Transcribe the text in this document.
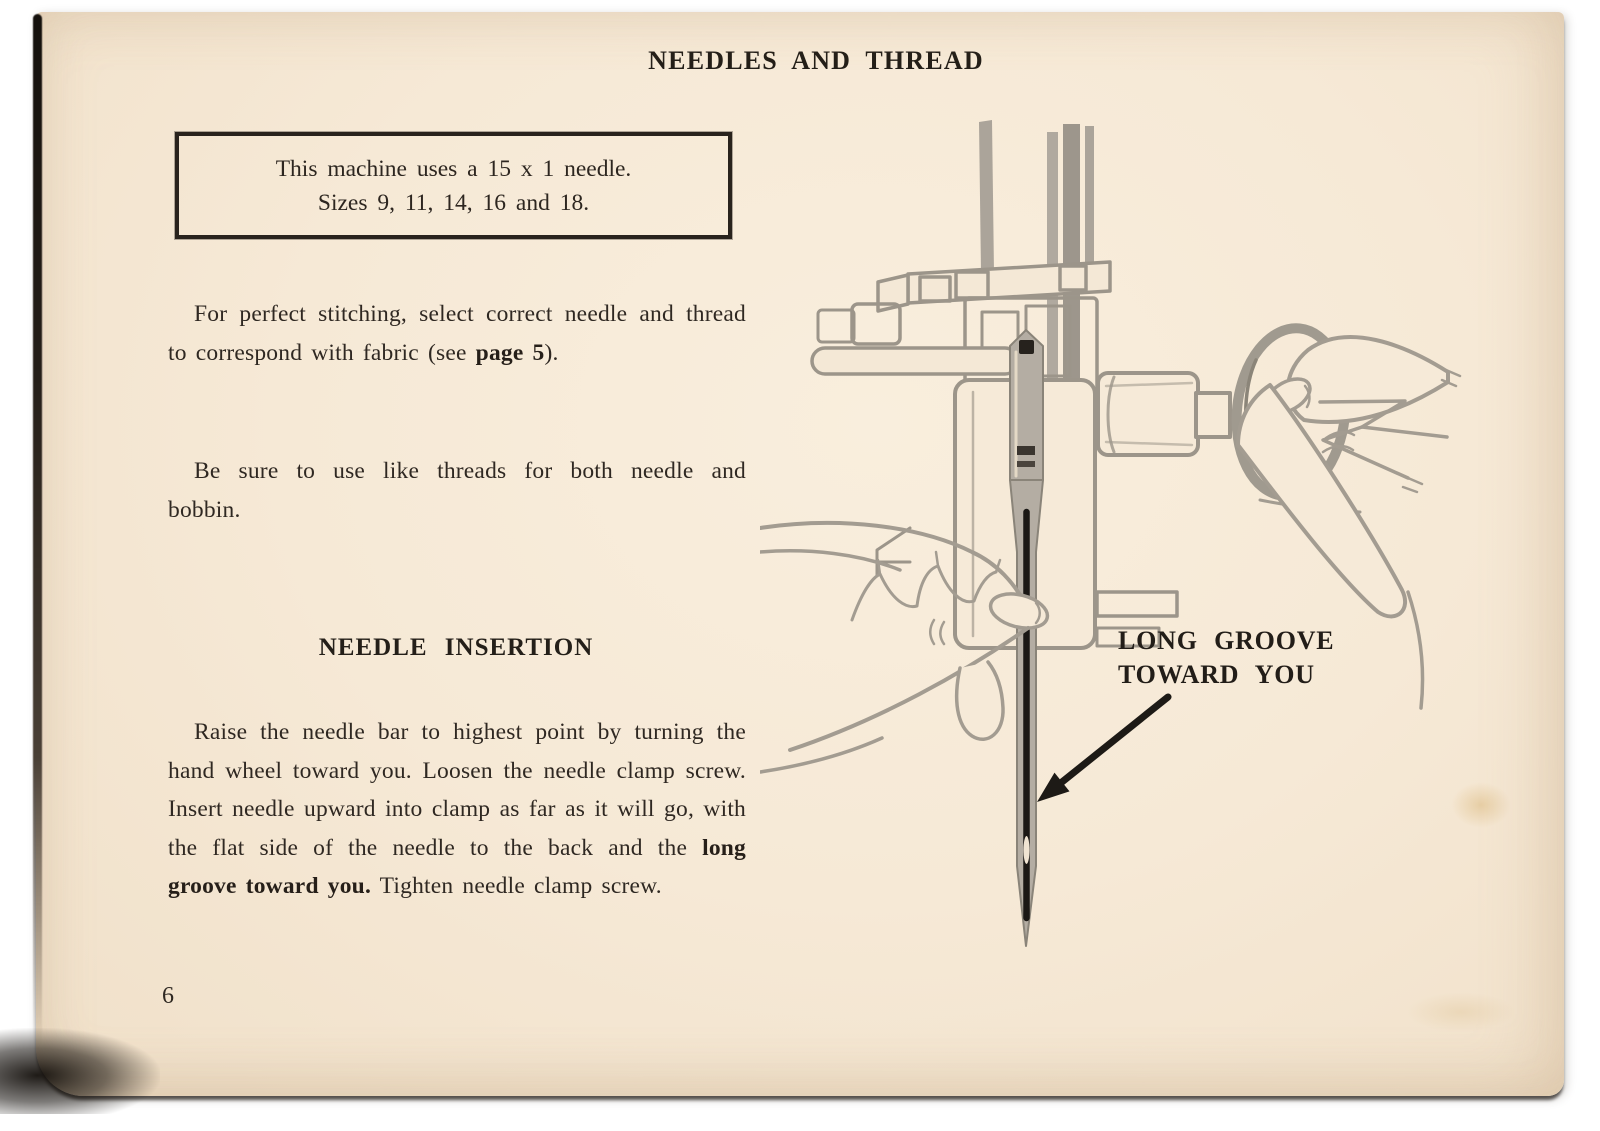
NEEDLES AND THREAD
This machine uses a 15 x 1 needle.
Sizes 9, 11, 14, 16 and 18.

For perfect stitching, select correct needle and thread to correspond with fabric (see page 5).

Be sure to use like threads for both needle and bobbin.

NEEDLE INSERTION

Raise the needle bar to highest point by turning the hand wheel toward you. Loosen the needle clamp screw. Insert needle upward into clamp as far as it will go, with the flat side of the needle to the back and the long groove toward you. Tighten needle clamp screw.

6
LONG GROOVE
TOWARD YOU
